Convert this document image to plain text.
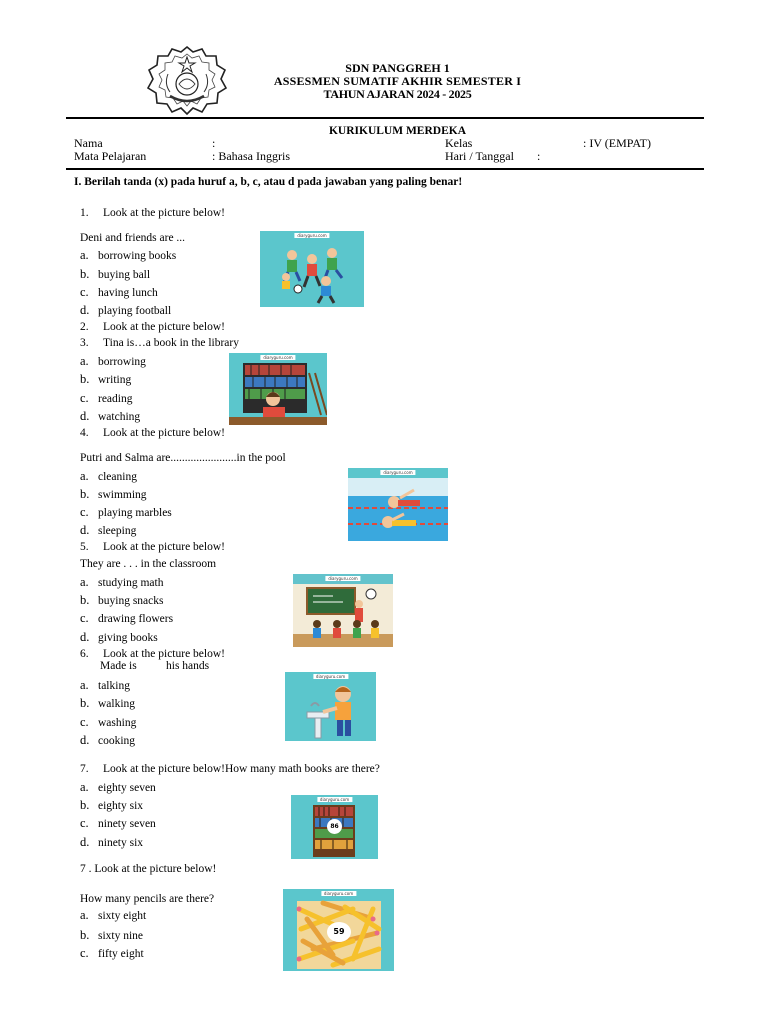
SDN PANGGREH 1
ASSESMEN SUMATIF AKHIR SEMESTER I
TAHUN AJARAN 2024 - 2025
KURIKULUM MERDEKA
Nama	:	Kelas	: IV (EMPAT)
Mata Pelajaran	: Bahasa Inggris	Hari / Tanggal :
I. Berilah tanda (x) pada huruf a, b, c, atau d pada jawaban yang paling benar!
1. Look at the picture below!
Deni and friends are ...
a. borrowing books
b. buying ball
c. having lunch
d. playing football
diaryguru.com
2. Look at the picture below!
3. Tina is…a book in the library
a. borrowing
b. writing
c. reading
d. watching
diaryguru.com
4. Look at the picture below!
Putri and Salma are.......................in the pool
a. cleaning
b. swimming
c. playing marbles
d. sleeping
diaryguru.com
5. Look at the picture below!
They are . . . in the classroom
a. studying math
b. buying snacks
c. drawing flowers
d. giving books
diaryguru.com
6. Look at the picture below!
Made is	his hands
a. talking
b. walking
c. washing
d. cooking
diaryguru.com
7. Look at the picture below!How many math books are there?
a. eighty seven
b. eighty six
c. ninety seven
d. ninety six
diaryguru.com
86
7 . Look at the picture below!
How many pencils are there?
a. sixty eight
b. sixty nine
c. fifty eight
diaryguru.com
59
